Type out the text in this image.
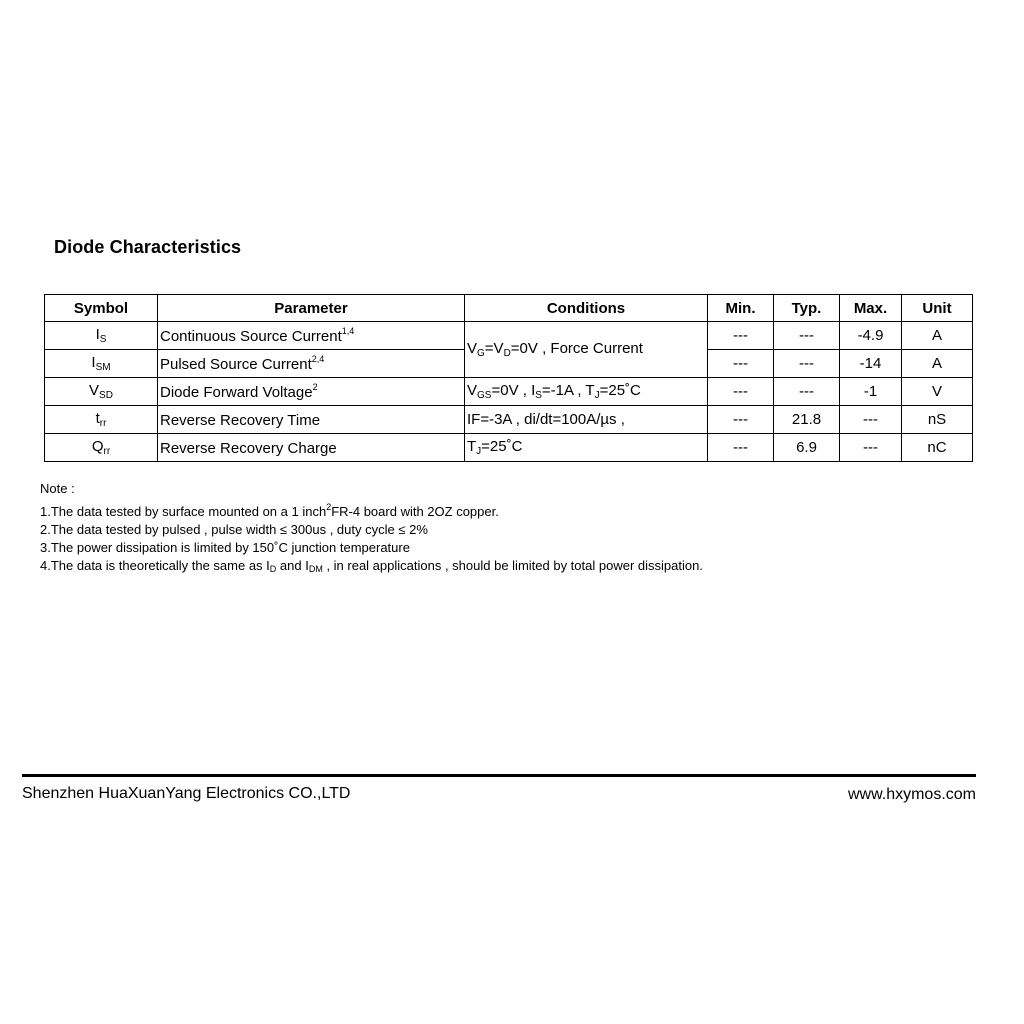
Diode Characteristics
Symbol	Parameter	Conditions	Min.	Typ.	Max.	Unit
$I_S$	Continuous Source Current$^{1,4}$	$V_G=V_D=0V$ , Force Current	---	---	-4.9	A
$I_{SM}$	Pulsed Source Current$^{2,4}$		---	---	-14	A
$V_{SD}$	Diode Forward Voltage$^2$	$V_{GS}=0V$ , $I_S=-1A$ , $T_J=25˚C$	---	---	-1	V
$t_{rr}$	Reverse Recovery Time	IF=-3A , di/dt=100A/µs ,	---	21.8	---	nS
$Q_{rr}$	Reverse Recovery Charge	$T_J=25˚C$	---	6.9	---	nC
Note :
1.The data tested by surface mounted on a 1 inch$^2$FR-4 board with 2OZ copper.
2.The data tested by pulsed , pulse width ≤ 300us , duty cycle ≤ 2%
3.The power dissipation is limited by 150˚C junction temperature
4.The data is theoretically the same as ID and IDM , in real applications , should be limited by total power dissipation.
Shenzhen HuaXuanYang Electronics CO.,LTD	www.hxymos.com
